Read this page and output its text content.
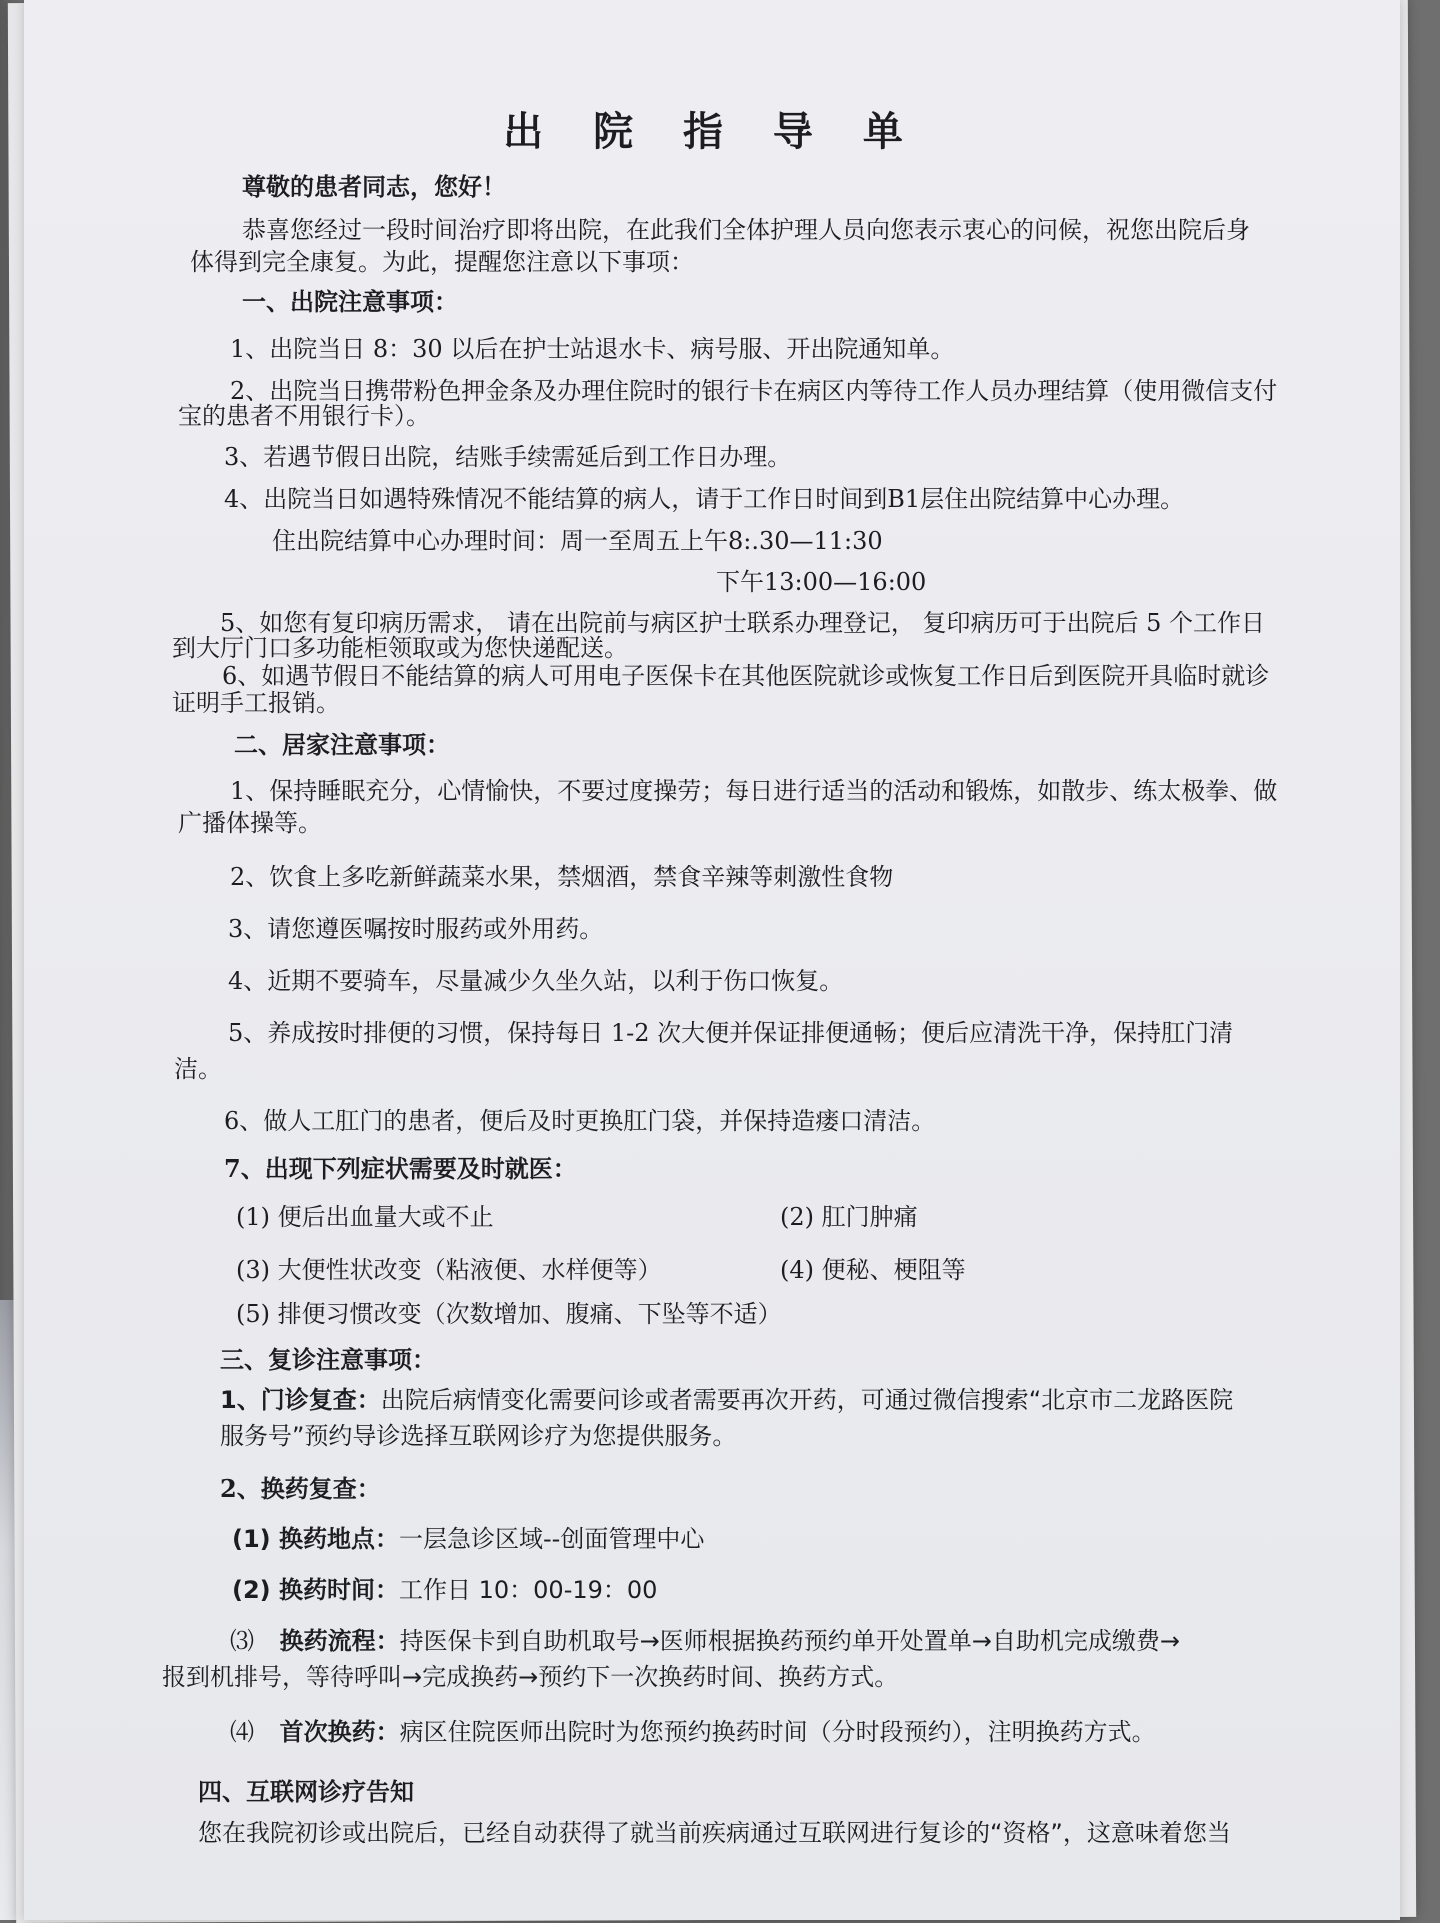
出 院 指 导 单
尊敬的患者同志，您好！
恭喜您经过一段时间治疗即将出院，在此我们全体护理人员向您表示衷心的问候，祝您出院后身
体得到完全康复。为此，提醒您注意以下事项：
一、出院注意事项：
1、出院当日 8：30 以后在护士站退水卡、病号服、开出院通知单。
2、出院当日携带粉色押金条及办理住院时的银行卡在病区内等待工作人员办理结算（使用微信支付
宝的患者不用银行卡）。
3、若遇节假日出院，结账手续需延后到工作日办理。
4、出院当日如遇特殊情况不能结算的病人，请于工作日时间到B1层住出院结算中心办理。
住出院结算中心办理时间：周一至周五上午8:.30—11:30
下午13:00—16:00
5、如您有复印病历需求， 请在出院前与病区护士联系办理登记， 复印病历可于出院后 5 个工作日
到大厅门口多功能柜领取或为您快递配送。
6、如遇节假日不能结算的病人可用电子医保卡在其他医院就诊或恢复工作日后到医院开具临时就诊
证明手工报销。
二、居家注意事项：
1、保持睡眠充分，心情愉快，不要过度操劳；每日进行适当的活动和锻炼，如散步、练太极拳、做
广播体操等。
2、饮食上多吃新鲜蔬菜水果，禁烟酒，禁食辛辣等刺激性食物
3、请您遵医嘱按时服药或外用药。
4、近期不要骑车，尽量减少久坐久站，以利于伤口恢复。
5、养成按时排便的习惯，保持每日 1-2 次大便并保证排便通畅；便后应清洗干净，保持肛门清
洁。
6、做人工肛门的患者，便后及时更换肛门袋，并保持造瘘口清洁。
7、出现下列症状需要及时就医：
(1) 便后出血量大或不止	(2) 肛门肿痛
(3) 大便性状改变（粘液便、水样便等）	(4) 便秘、梗阻等
(5) 排便习惯改变（次数增加、腹痛、下坠等不适）
三、复诊注意事项：
1、门诊复查：出院后病情变化需要问诊或者需要再次开药，可通过微信搜索“北京市二龙路医院
服务号”预约导诊选择互联网诊疗为您提供服务。
2、换药复查：
(1) 换药地点：一层急诊区域--创面管理中心
(2) 换药时间：工作日 10：00-19：00
⑶ 换药流程：持医保卡到自助机取号→医师根据换药预约单开处置单→自助机完成缴费→
报到机排号，等待呼叫→完成换药→预约下一次换药时间、换药方式。
⑷ 首次换药：病区住院医师出院时为您预约换药时间（分时段预约），注明换药方式。
四、互联网诊疗告知
您在我院初诊或出院后，已经自动获得了就当前疾病通过互联网进行复诊的“资格”，这意味着您当
